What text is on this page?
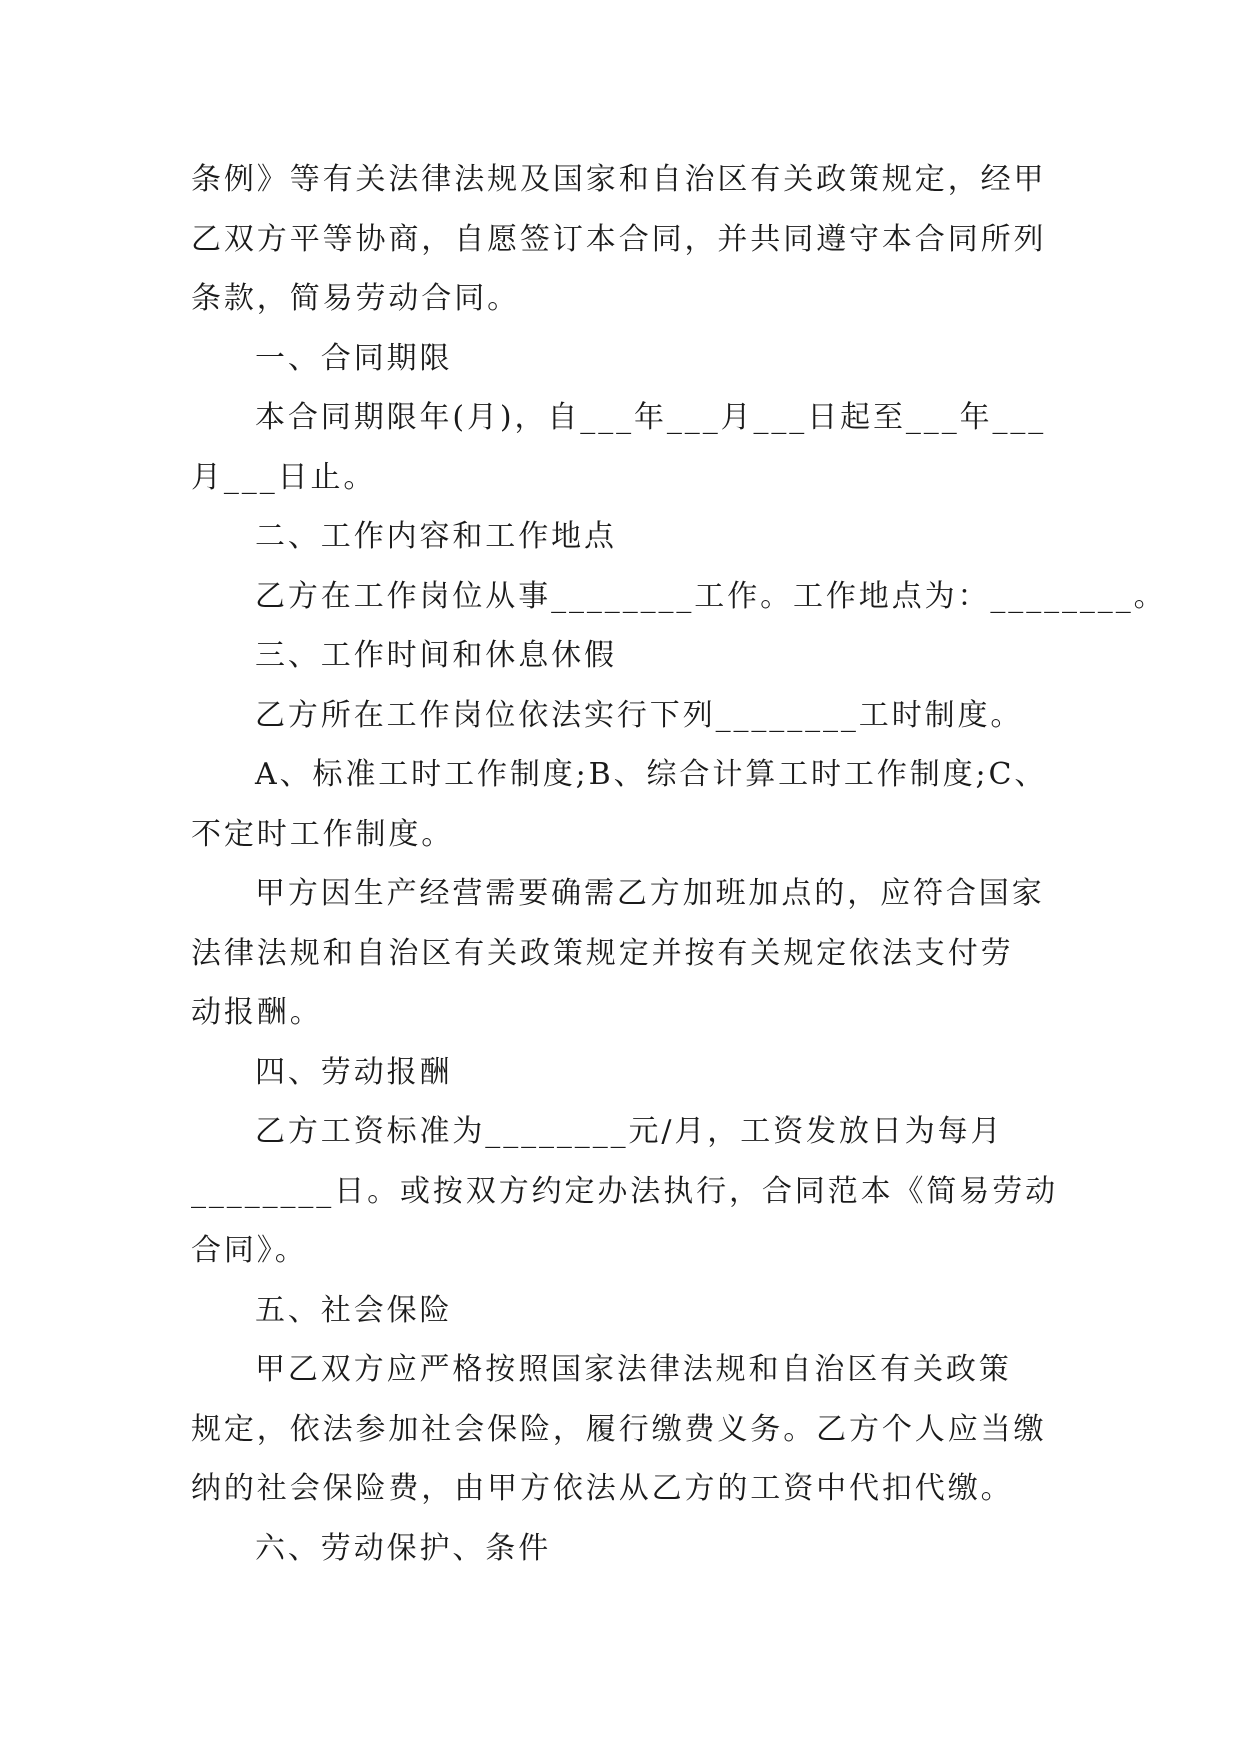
条例》等有关法律法规及国家和自治区有关政策规定，经甲
乙双方平等协商，自愿签订本合同，并共同遵守本合同所列
条款，简易劳动合同。
一、合同期限
本合同期限年(月)，自___年___月___日起至___年___
月___日止。
二、工作内容和工作地点
乙方在工作岗位从事________工作。工作地点为：________。
三、工作时间和休息休假
乙方所在工作岗位依法实行下列________工时制度。
A、标准工时工作制度;B、综合计算工时工作制度;C、
不定时工作制度。
甲方因生产经营需要确需乙方加班加点的，应符合国家
法律法规和自治区有关政策规定并按有关规定依法支付劳
动报酬。
四、劳动报酬
乙方工资标准为________元/月，工资发放日为每月
________日。或按双方约定办法执行，合同范本《简易劳动
合同》。
五、社会保险
甲乙双方应严格按照国家法律法规和自治区有关政策
规定，依法参加社会保险，履行缴费义务。乙方个人应当缴
纳的社会保险费，由甲方依法从乙方的工资中代扣代缴。
六、劳动保护、条件
